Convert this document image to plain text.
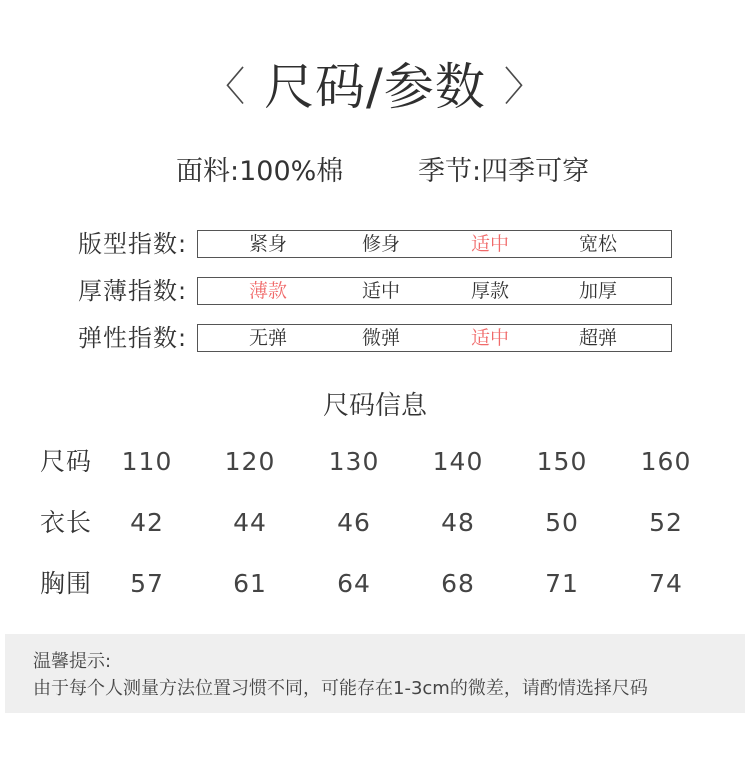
〈 尺码/参数 〉
面料:100%棉	季节:四季可穿
版型指数:	紧身	修身	适中	宽松
厚薄指数:	薄款	适中	厚款	加厚
弹性指数:	无弹	微弹	适中	超弹
尺码信息
尺码	110	120	130	140	150	160
衣长	42	44	46	48	50	52
胸围	57	61	64	68	71	74
温馨提示:
由于每个人测量方法位置习惯不同，可能存在1-3cm的微差，请酌情选择尺码
